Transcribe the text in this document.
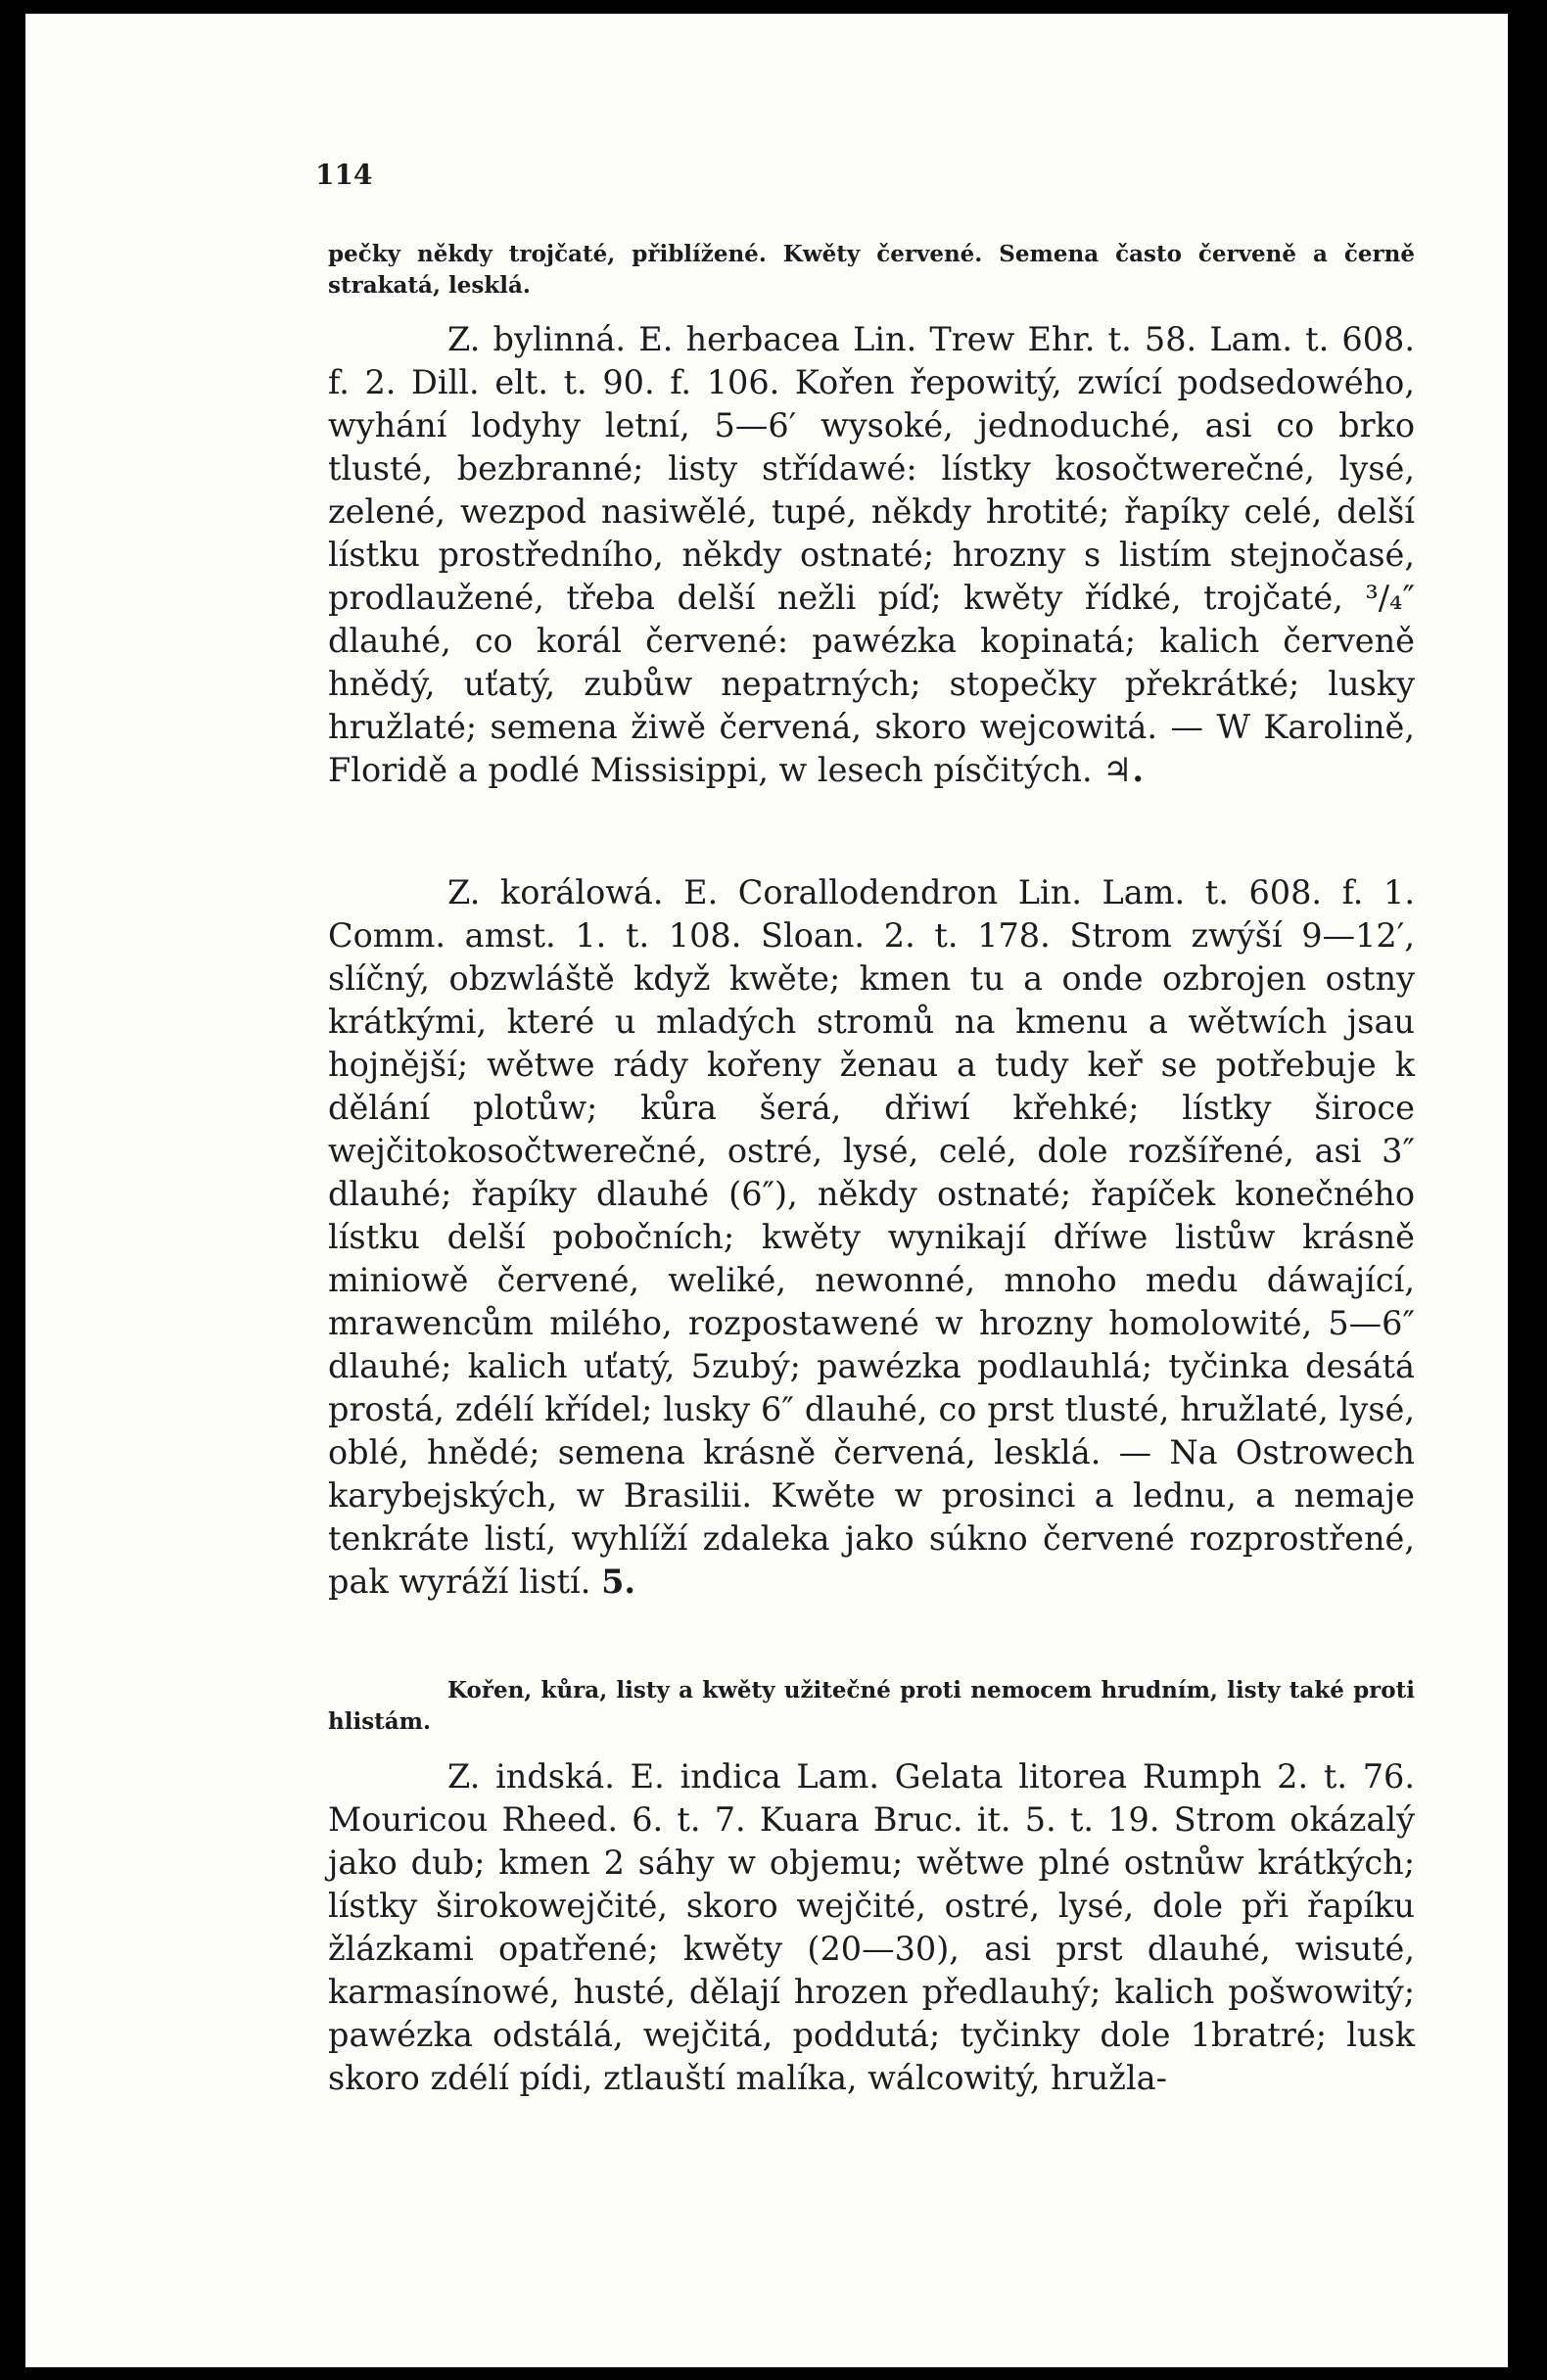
114

pečky někdy trojčaté, přiblížené. Kwěty červené. Semena často červeně a černě strakatá, lesklá.

Z. bylinná. E. herbacea Lin. Trew Ehr. t. 58. Lam. t. 608. f. 2. Dill. elt. t. 90. f. 106. Kořen řepowitý, zwící podsedowého, wyhání lodyhy letní, 5—6′ wysoké, jednoduché, asi co brko tlusté, bezbranné; listy střídawé: lístky kosočtwerečné, lysé, zelené, wezpod nasiwělé, tupé, někdy hrotité; řapíky celé, delší lístku prostředního, někdy ostnaté; hrozny s listím stejnočasé, prodlaužené, třeba delší nežli píď; kwěty řídké, trojčaté, ³/₄″ dlauhé, co korál červené: pawézka kopinatá; kalich červeně hnědý, uťatý, zubůw nepatrných; stopečky překrátké; lusky hružlaté; semena žiwě červená, skoro wejcowitá. — W Karolině, Floridě a podlé Missisippi, w lesech písčitých. ♃.

Z. korálowá. E. Corallodendron Lin. Lam. t. 608. f. 1. Comm. amst. 1. t. 108. Sloan. 2. t. 178. Strom zwýší 9—12′, slíčný, obzwláště když kwěte; kmen tu a onde ozbrojen ostny krátkými, které u mladých stromů na kmenu a wětwích jsau hojnější; wětwe rády kořeny ženau a tudy keř se potřebuje k dělání plotůw; kůra šerá, dřiwí křehké; lístky široce wejčitokosočtwerečné, ostré, lysé, celé, dole rozšířené, asi 3″ dlauhé; řapíky dlauhé (6″), někdy ostnaté; řapíček konečného lístku delší pobočních; kwěty wynikají dříwe listůw krásně miniowě červené, weliké, newonné, mnoho medu dáwající, mrawencům milého, rozpostawené w hrozny homolowité, 5—6″ dlauhé; kalich uťatý, 5zubý; pawézka podlauhlá; tyčinka desátá prostá, zdélí křídel; lusky 6″ dlauhé, co prst tlusté, hružlaté, lysé, oblé, hnědé; semena krásně červená, lesklá. — Na Ostrowech karybejských, w Brasilii. Kwěte w prosinci a lednu, a nemaje tenkráte listí, wyhlíží zdaleka jako súkno červené rozprostřené, pak wyráží listí. 5.

Kořen, kůra, listy a kwěty užitečné proti nemocem hrudním, listy také proti hlistám.

Z. indská. E. indica Lam. Gelata litorea Rumph 2. t. 76. Mouricou Rheed. 6. t. 7. Kuara Bruc. it. 5. t. 19. Strom okázalý jako dub; kmen 2 sáhy w objemu; wětwe plné ostnůw krátkých; lístky širokowejčité, skoro wejčité, ostré, lysé, dole při řapíku žlázkami opatřené; kwěty (20—30), asi prst dlauhé, wisuté, karmasínowé, husté, dělají hrozen předlauhý; kalich pošwowitý; pawézka odstálá, wejčitá, poddutá; tyčinky dole 1bratré; lusk skoro zdélí pídi, ztlauští malíka, wálcowitý, hružla-
